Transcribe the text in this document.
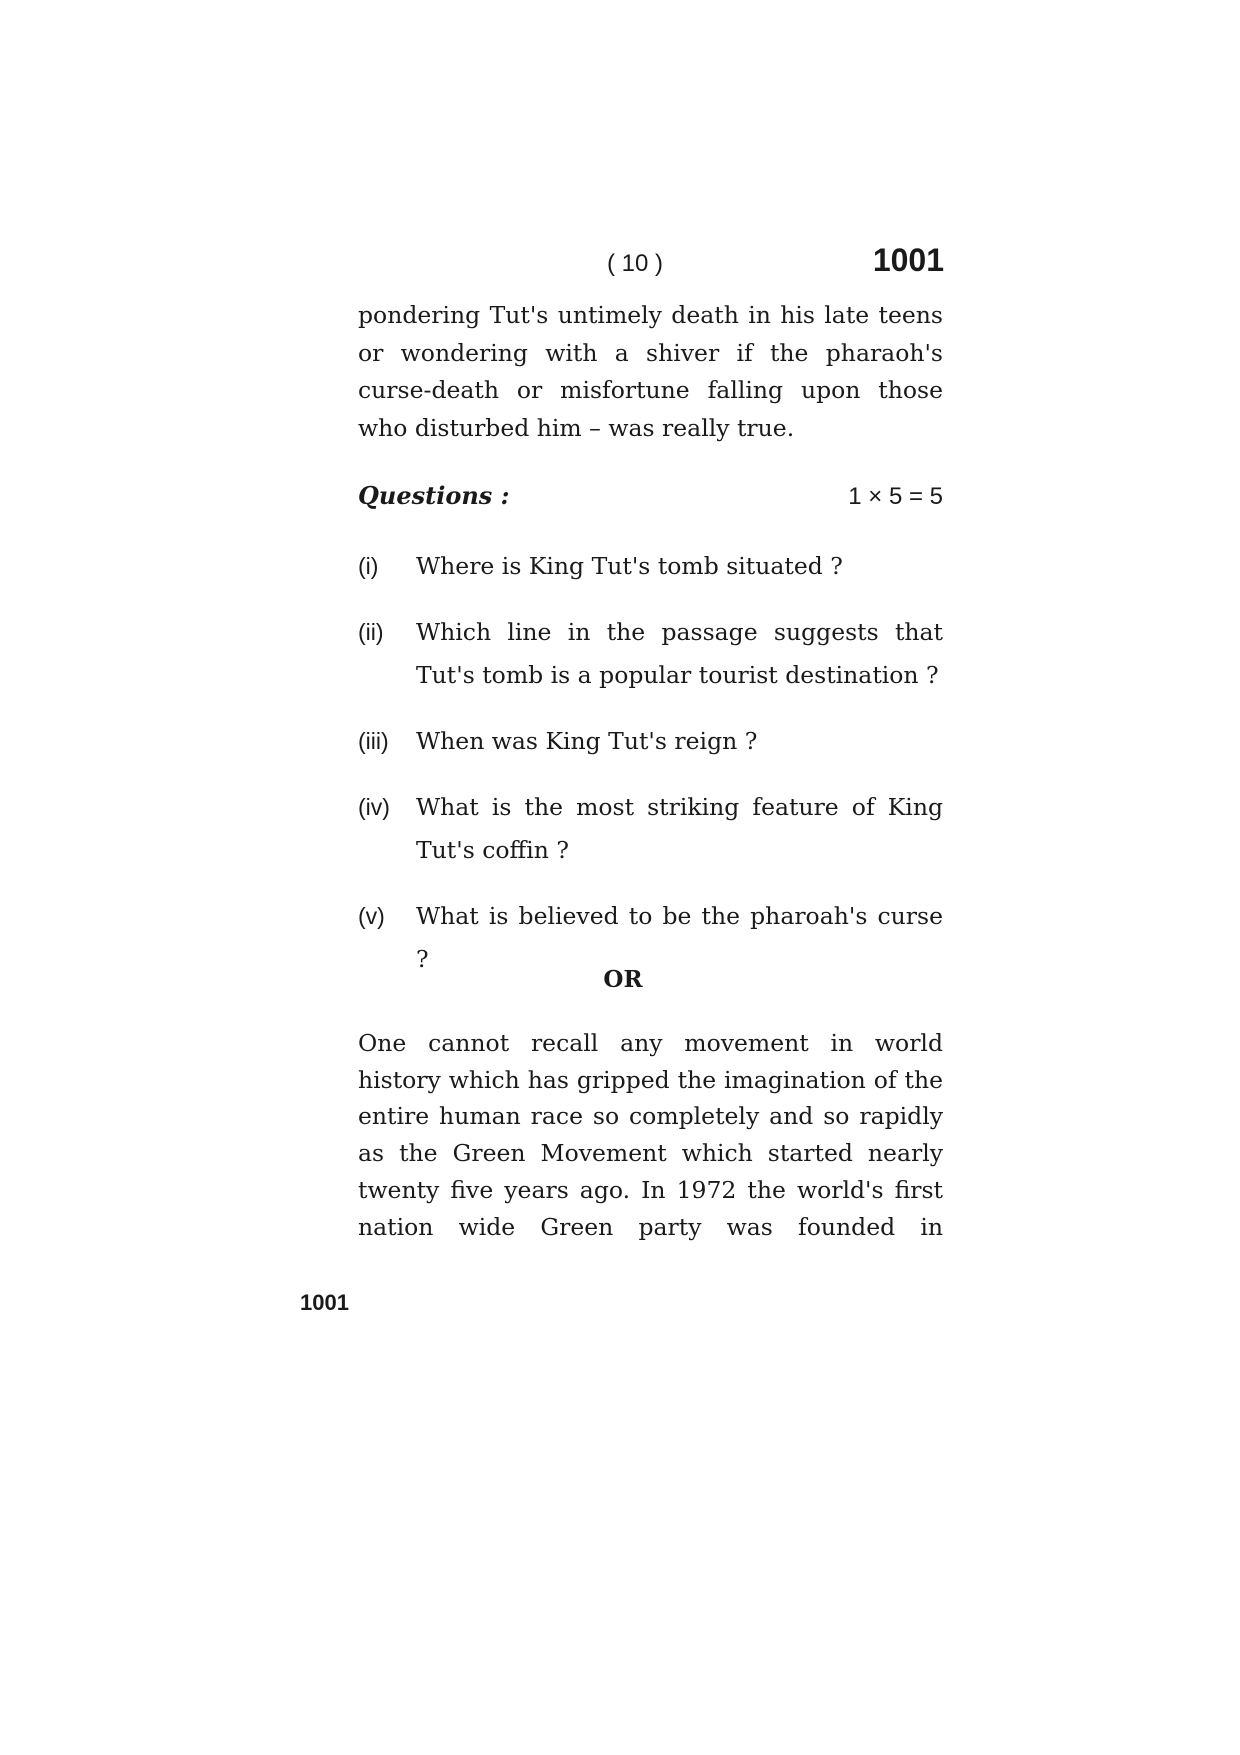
( 10 )	1001

pondering Tut's untimely death in his late teens or wondering with a shiver if the pharaoh's curse-death or misfortune falling upon those who disturbed him – was really true.

Questions :	1 × 5 = 5
(i)	Where is King Tut's tomb situated ?
(ii)	Which line in the passage suggests that Tut's tomb is a popular tourist destination ?
(iii)	When was King Tut's reign ?
(iv)	What is the most striking feature of King Tut's coffin ?
(v)	What is believed to be the pharoah's curse ?
OR

One cannot recall any movement in world history which has gripped the imagination of the entire human race so completely and so rapidly as the Green Movement which started nearly twenty five years ago. In 1972 the world's first nation wide Green party was founded in

1001
